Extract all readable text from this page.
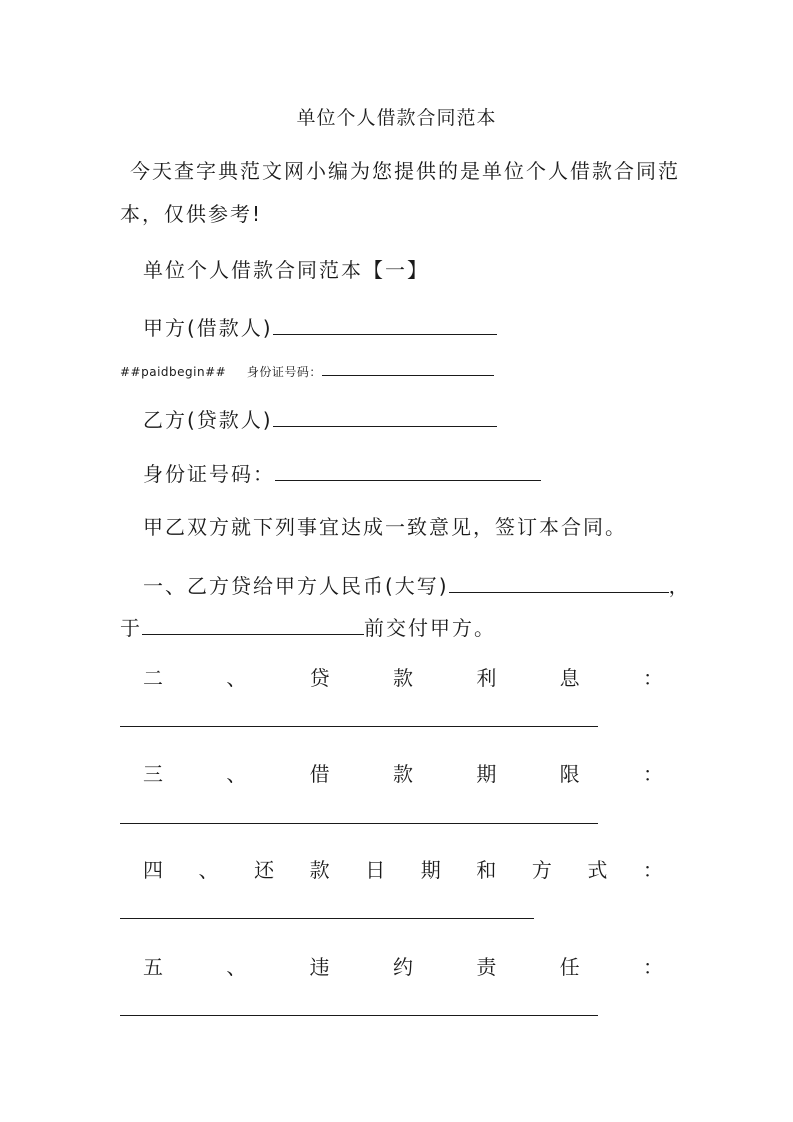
单位个人借款合同范本
今天查字典范文网小编为您提供的是单位个人借款合同范
本，仅供参考!
单位个人借款合同范本【一】
甲方(借款人)
##paidbegin## 身份证号码：
乙方(贷款人)
身份证号码：
甲乙双方就下列事宜达成一致意见，签订本合同。
一、乙方贷给甲方人民币(大写)	，
于	前交付甲方。
二	、	贷	款	利	息	：
三	、	借	款	期	限	：
四 、 还 款 日 期 和 方 式 ：
五	、	违	约	责	任	：
